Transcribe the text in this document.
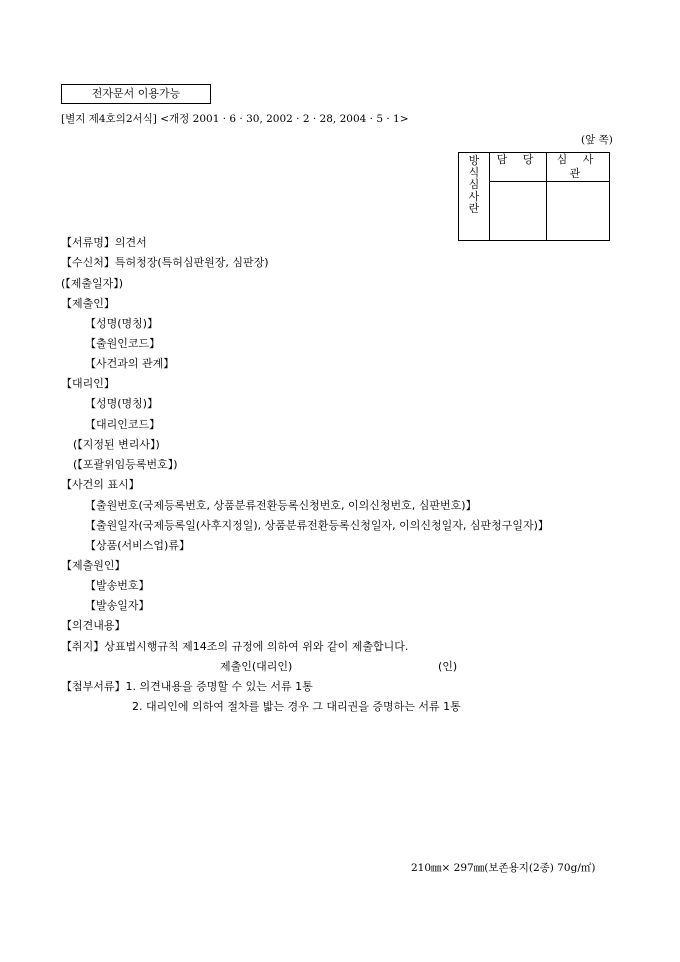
전자문서 이용가능
[별지 제4호의2서식] <개정 2001 · 6 · 30, 2002 · 2 · 28, 2004 · 5 · 1>
(앞 쪽)
방
식
심
사
란	담 당	심 사 관

【서류명】의견서
【수신처】특허청장(특허심판원장, 심판장)
(【제출일자】)
【제출인】
【성명(명칭)】
【출원인코드】
【사건과의 관계】
【대리인】
【성명(명칭)】
【대리인코드】
(【지정된 변리사】)
(【포괄위임등록번호】)
【사건의 표시】
【출원번호(국제등록번호, 상품분류전환등록신청번호, 이의신청번호, 심판번호)】
【출원일자(국제등록일(사후지정일), 상품분류전환등록신청일자, 이의신청일자, 심판청구일자)】
【상품(서비스업)류】
【제출원인】
【발송번호】
【발송일자】
【의견내용】
【취지】상표법시행규칙 제14조의 규정에 의하여 위와 같이 제출합니다.
제출인(대리인)	(인)
【첨부서류】1. 의견내용을 증명할 수 있는 서류 1통
2. 대리인에 의하여 절차를 밟는 경우 그 대리권을 증명하는 서류 1통
210㎜× 297㎜(보존용지(2종) 70g/㎡)
